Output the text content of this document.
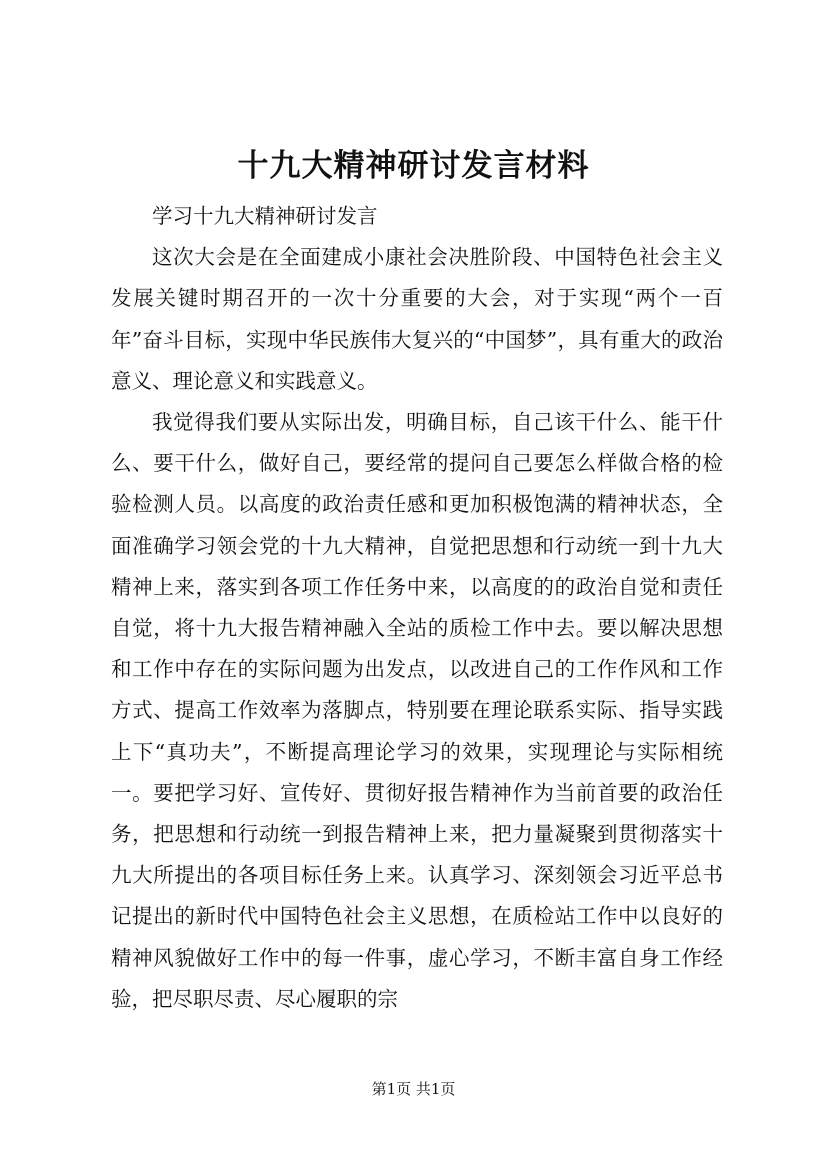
十九大精神研讨发言材料

学习十九大精神研讨发言

这次大会是在全面建成小康社会决胜阶段、中国特色社会主义发展关键时期召开的一次十分重要的大会，对于实现“两个一百年”奋斗目标，实现中华民族伟大复兴的“中国梦”，具有重大的政治意义、理论意义和实践意义。

我觉得我们要从实际出发，明确目标，自己该干什么、能干什么、要干什么，做好自己，要经常的提问自己要怎么样做合格的检验检测人员。以高度的政治责任感和更加积极饱满的精神状态，全面准确学习领会党的十九大精神，自觉把思想和行动统一到十九大精神上来，落实到各项工作任务中来，以高度的的政治自觉和责任自觉，将十九大报告精神融入全站的质检工作中去。要以解决思想和工作中存在的实际问题为出发点，以改进自己的工作作风和工作方式、提高工作效率为落脚点，特别要在理论联系实际、指导实践上下“真功夫”，不断提高理论学习的效果，实现理论与实际相统一。要把学习好、宣传好、贯彻好报告精神作为当前首要的政治任务，把思想和行动统一到报告精神上来，把力量凝聚到贯彻落实十九大所提出的各项目标任务上来。认真学习、深刻领会习近平总书记提出的新时代中国特色社会主义思想，在质检站工作中以良好的精神风貌做好工作中的每一件事，虚心学习，不断丰富自身工作经验，把尽职尽责、尽心履职的宗

第1页 共1页
